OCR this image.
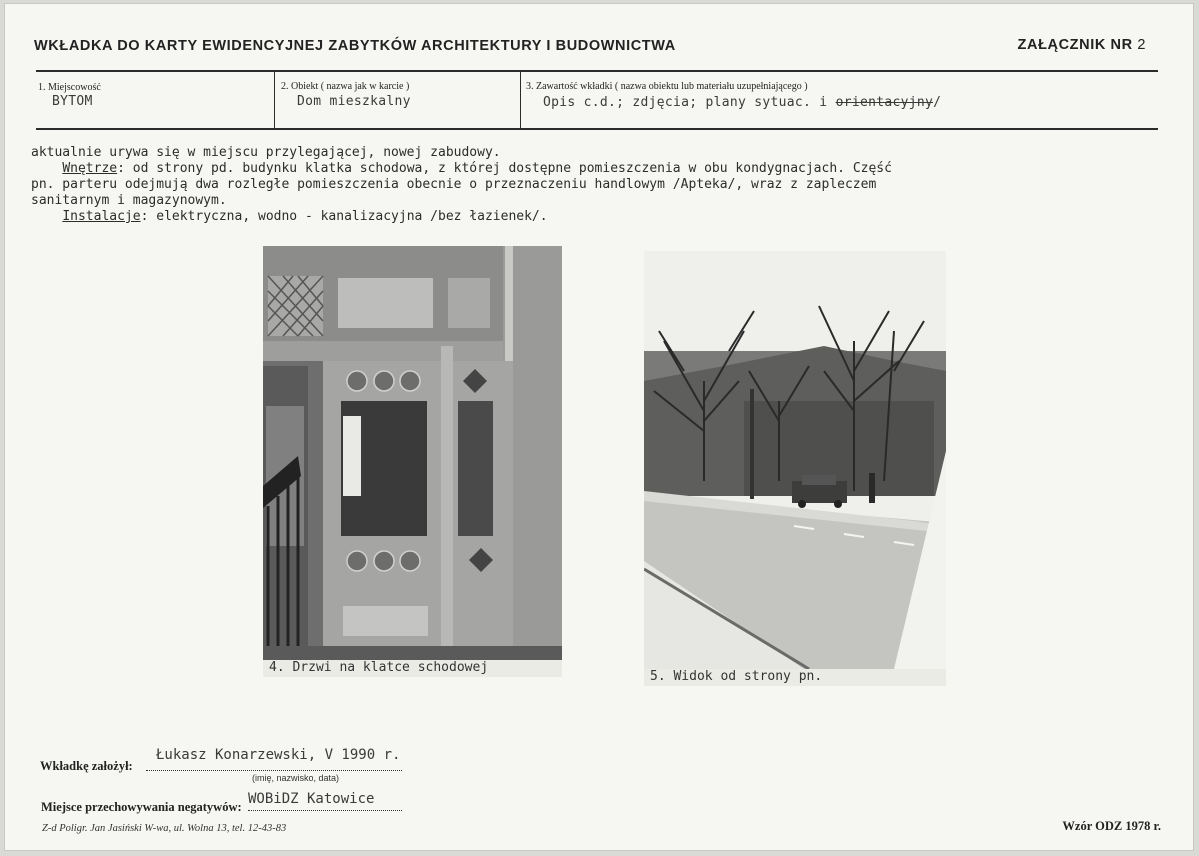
WKŁADKA DO KARTY EWIDENCYJNEJ ZABYTKÓW ARCHITEKTURY I BUDOWNICTWA	ZAŁĄCZNIK NR 2
1. Miejscowość
BYTOM
2. Obiekt ( nazwa jak w karcie )
Dom mieszkalny
3. Zawartość wkładki ( nazwa obiektu lub materiału uzupełniającego )
Opis c.d.; zdjęcia; plany sytuac. i orientacyjny/
aktualnie urywa się w miejscu przylegającej, nowej zabudowy.
Wnętrze: od strony pd. budynku klatka schodowa, z której dostępne pomieszczenia w obu kondygnacjach. Część
pn. parteru odejmują dwa rozległe pomieszczenia obecnie o przeznaczeniu handlowym /Apteka/, wraz z zapleczem
sanitarnym i magazynowym.
Instalacje: elektryczna, wodno - kanalizacyjna /bez łazienek/.
4. Drzwi na klatce schodowej
5. Widok od strony pn.
Łukasz Konarzewski, V 1990 r.
Wkładkę założył:
(imię, nazwisko, data)
WOBiDZ Katowice
Miejsce przechowywania negatywów:
Z-d Poligr. Jan Jasiński W-wa, ul. Wolna 13, tel. 12-43-83	Wzór ODZ 1978 r.
